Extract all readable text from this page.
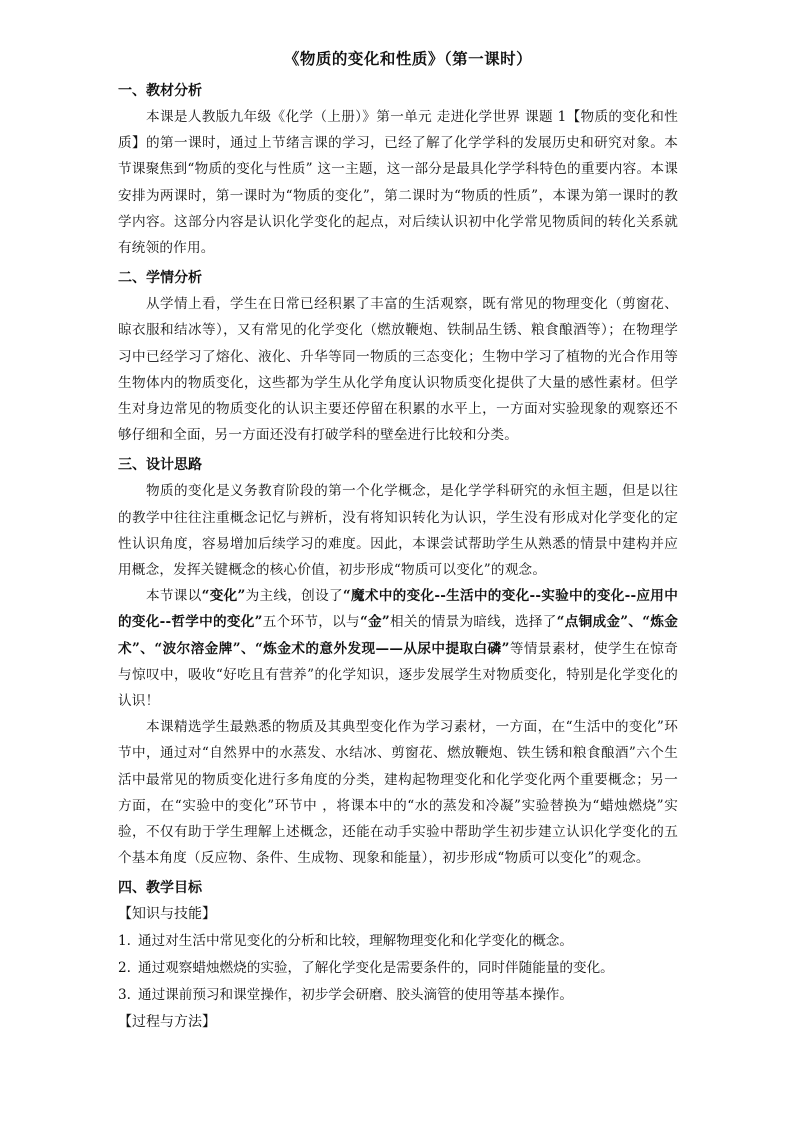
《物质的变化和性质》（第一课时）
一、教材分析

本课是人教版九年级《化学（上册）》第一单元 走进化学世界 课题 1【物质的变化和性质】的第一课时，通过上节绪言课的学习，已经了解了化学学科的发展历史和研究对象。本节课聚焦到“物质的变化与性质” 这一主题，这一部分是最具化学学科特色的重要内容。本课安排为两课时，第一课时为“物质的变化”，第二课时为“物质的性质”，本课为第一课时的教学内容。这部分内容是认识化学变化的起点，对后续认识初中化学常见物质间的转化关系就有统领的作用。

二、学情分析

从学情上看，学生在日常已经积累了丰富的生活观察，既有常见的物理变化（剪窗花、晾衣服和结冰等），又有常见的化学变化（燃放鞭炮、铁制品生锈、粮食酿酒等）；在物理学习中已经学习了熔化、液化、升华等同一物质的三态变化；生物中学习了植物的光合作用等生物体内的物质变化，这些都为学生从化学角度认识物质变化提供了大量的感性素材。但学生对身边常见的物质变化的认识主要还停留在积累的水平上，一方面对实验现象的观察还不够仔细和全面，另一方面还没有打破学科的壁垒进行比较和分类。

三、设计思路

物质的变化是义务教育阶段的第一个化学概念，是化学学科研究的永恒主题，但是以往的教学中往往注重概念记忆与辨析，没有将知识转化为认识，学生没有形成对化学变化的定性认识角度，容易增加后续学习的难度。因此，本课尝试帮助学生从熟悉的情景中建构并应用概念，发挥关键概念的核心价值，初步形成“物质可以变化”的观念。

本节课以“变化”为主线，创设了“魔术中的变化--生活中的变化--实验中的变化--应用中的变化--哲学中的变化”五个环节，以与“金”相关的情景为暗线，选择了“点铜成金”、“炼金术”、“波尔溶金牌”、“炼金术的意外发现——从尿中提取白磷”等情景素材，使学生在惊奇与惊叹中，吸收“好吃且有营养”的化学知识，逐步发展学生对物质变化，特别是化学变化的认识！

本课精选学生最熟悉的物质及其典型变化作为学习素材，一方面，在“生活中的变化”环节中，通过对“自然界中的水蒸发、水结冰、剪窗花、燃放鞭炮、铁生锈和粮食酿酒”六个生活中最常见的物质变化进行多角度的分类，建构起物理变化和化学变化两个重要概念；另一方面，在“实验中的变化”环节中 ，将课本中的“水的蒸发和冷凝”实验替换为“蜡烛燃烧”实验，不仅有助于学生理解上述概念，还能在动手实验中帮助学生初步建立认识化学变化的五个基本角度（反应物、条件、生成物、现象和能量），初步形成“物质可以变化”的观念。

四、教学目标
【知识与技能】
1. 通过对生活中常见变化的分析和比较，理解物理变化和化学变化的概念。
2. 通过观察蜡烛燃烧的实验，了解化学变化是需要条件的，同时伴随能量的变化。
3. 通过课前预习和课堂操作，初步学会研磨、胶头滴管的使用等基本操作。
【过程与方法】
